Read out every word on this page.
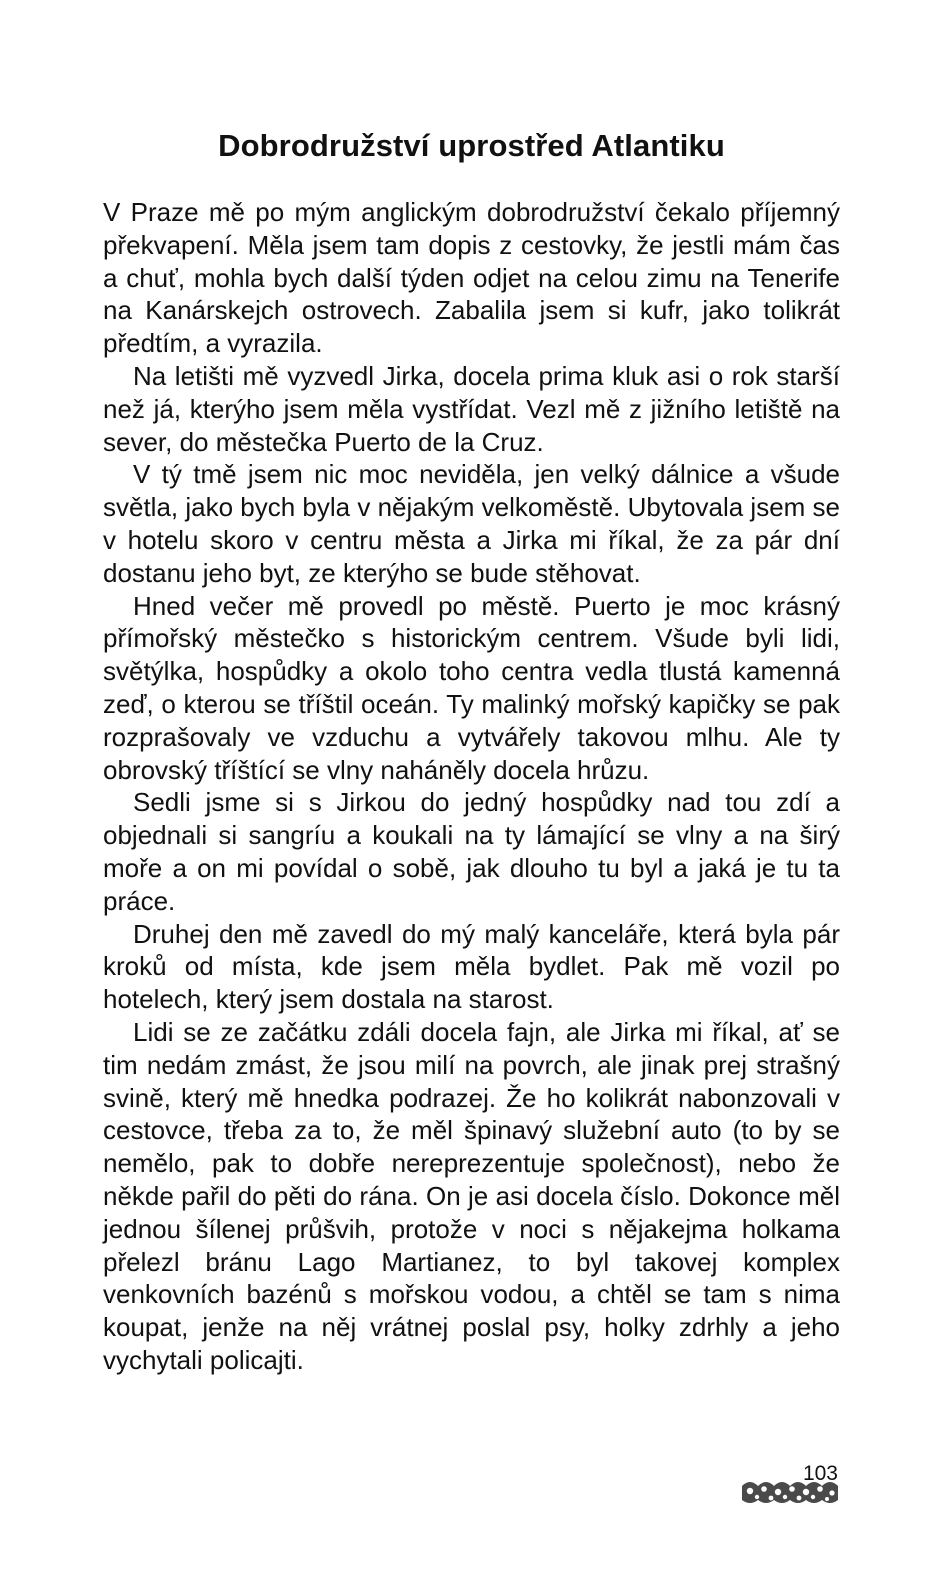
Dobrodružství uprostřed Atlantiku

V Praze mě po mým anglickým dobrodružství čekalo příjemný překvapení. Měla jsem tam dopis z cestovky, že jestli mám čas a chuť, mohla bych další týden odjet na celou zimu na Tenerife na Kanárskejch ostrovech. Zabalila jsem si kufr, jako tolikrát předtím, a vyrazila.

Na letišti mě vyzvedl Jirka, docela prima kluk asi o rok starší než já, kterýho jsem měla vystřídat. Vezl mě z jižního letiště na sever, do městečka Puerto de la Cruz.

V tý tmě jsem nic moc neviděla, jen velký dálnice a všude světla, jako bych byla v nějakým velkoměstě. Ubytovala jsem se v hotelu skoro v centru města a Jirka mi říkal, že za pár dní dostanu jeho byt, ze kterýho se bude stěhovat.

Hned večer mě provedl po městě. Puerto je moc krásný přímořský městečko s historickým centrem. Všude byli lidi, světýlka, hospůdky a okolo toho centra vedla tlustá kamenná zeď, o kterou se tříštil oceán. Ty malinký mořský kapičky se pak rozprašovaly ve vzduchu a vytvářely takovou mlhu. Ale ty obrovský tříštící se vlny naháněly docela hrůzu.

Sedli jsme si s Jirkou do jedný hospůdky nad tou zdí a objednali si sangríu a koukali na ty lámající se vlny a na širý moře a on mi povídal o sobě, jak dlouho tu byl a jaká je tu ta práce.

Druhej den mě zavedl do mý malý kanceláře, která byla pár kroků od místa, kde jsem měla bydlet. Pak mě vozil po hotelech, který jsem dostala na starost.

Lidi se ze začátku zdáli docela fajn, ale Jirka mi říkal, ať se tim nedám zmást, že jsou milí na povrch, ale jinak prej strašný svině, který mě hnedka podrazej. Že ho kolikrát nabonzovali v cestovce, třeba za to, že měl špinavý služební auto (to by se nemělo, pak to dobře nereprezentuje společnost), nebo že někde pařil do pěti do rána. On je asi docela číslo. Dokonce měl jednou šílenej průšvih, protože v noci s nějakejma holkama přelezl bránu Lago Martianez, to byl takovej komplex venkovních bazénů s mořskou vodou, a chtěl se tam s nima koupat, jenže na něj vrátnej poslal psy, holky zdrhly a jeho vychytali policajti.

103
